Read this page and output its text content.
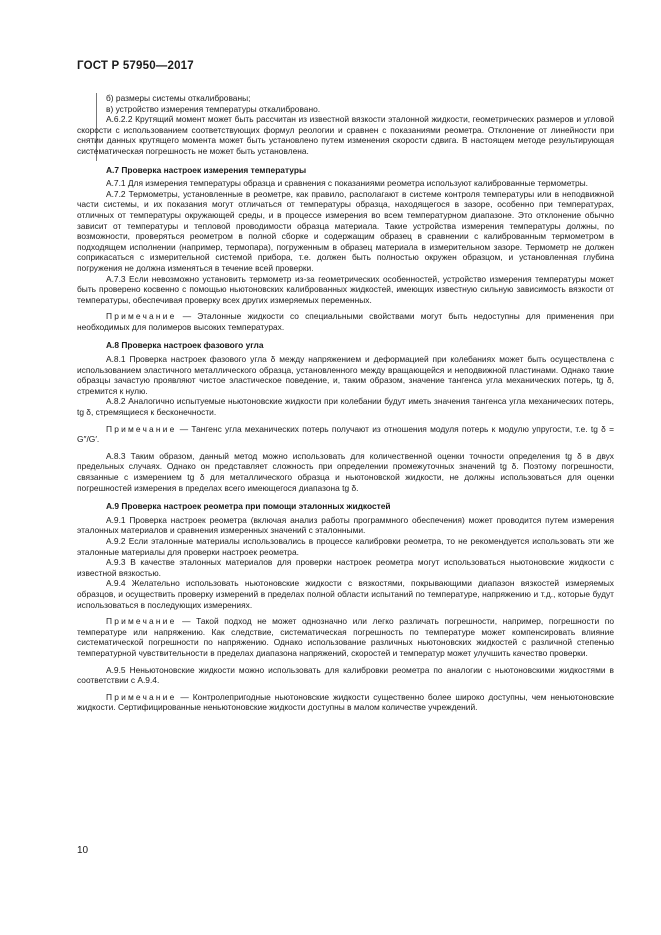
ГОСТ Р 57950—2017

б) размеры системы откалиброваны;

в) устройство измерения температуры откалибровано.

А.6.2.2 Крутящий момент может быть рассчитан из известной вязкости эталонной жидкости, геометрических размеров и угловой скорости с использованием соответствующих формул реологии и сравнен с показаниями реометра. Отклонение от линейности при снятии данных крутящего момента может быть установлено путем изменения скорости сдвига. В настоящем методе результирующая систематическая погрешность не может быть установлена.

А.7 Проверка настроек измерения температуры

А.7.1 Для измерения температуры образца и сравнения с показаниями реометра используют калиброванные термометры.

А.7.2 Термометры, установленные в реометре, как правило, располагают в системе контроля температуры или в неподвижной части системы, и их показания могут отличаться от температуры образца, находящегося в зазоре, особенно при температурах, отличных от температуры окружающей среды, и в процессе измерения во всем температурном диапазоне. Это отклонение обычно зависит от температуры и тепловой проводимости образца материала. Такие устройства измерения температуры должны, по возможности, проверяться реометром в полной сборке и содержащим образец в сравнении с калиброванным термометром в подходящем исполнении (например, термопара), погруженным в образец материала в измерительном зазоре. Термометр не должен соприкасаться с измерительной системой прибора, т.е. должен быть полностью окружен образцом, и установленная глубина погружения не должна изменяться в течение всей проверки.

А.7.3 Если невозможно установить термометр из-за геометрических особенностей, устройство измерения температуры может быть проверено косвенно с помощью ньютоновских калиброванных жидкостей, имеющих известную сильную зависимость вязкости от температуры, обеспечивая проверку всех других измеряемых переменных.

Примечание — Эталонные жидкости со специальными свойствами могут быть недоступны для применения при необходимых для полимеров высоких температурах.

А.8 Проверка настроек фазового угла

А.8.1 Проверка настроек фазового угла δ между напряжением и деформацией при колебаниях может быть осуществлена с использованием эластичного металлического образца, установленного между вращающейся и неподвижной пластинами. Однако такие образцы зачастую проявляют чистое эластическое поведение, и, таким образом, значение тангенса угла механических потерь, tg δ, стремится к нулю.

А.8.2 Аналогично испытуемые ньютоновские жидкости при колебании будут иметь значения тангенса угла механических потерь, tg δ, стремящиеся к бесконечности.

Примечание — Тангенс угла механических потерь получают из отношения модуля потерь к модулю упругости, т.е. tg δ = G″/G′.

А.8.3 Таким образом, данный метод можно использовать для количественной оценки точности определения tg δ в двух предельных случаях. Однако он представляет сложность при определении промежуточных значений tg δ. Поэтому погрешности, связанные с измерением tg δ для металлического образца и ньютоновской жидкости, не должны использоваться для оценки погрешностей измерения в пределах всего имеющегося диапазона tg δ.

А.9 Проверка настроек реометра при помощи эталонных жидкостей

А.9.1 Проверка настроек реометра (включая анализ работы программного обеспечения) может проводится путем измерения эталонных материалов и сравнения измеренных значений с эталонными.

А.9.2 Если эталонные материалы использовались в процессе калибровки реометра, то не рекомендуется использовать эти же эталонные материалы для проверки настроек реометра.

А.9.3 В качестве эталонных материалов для проверки настроек реометра могут использоваться ньютоновские жидкости с известной вязкостью.

А.9.4 Желательно использовать ньютоновские жидкости с вязкостями, покрывающими диапазон вязкостей измеряемых образцов, и осуществить проверку измерений в пределах полной области испытаний по температуре, напряжению и т.д., которые будут использоваться в последующих измерениях.

Примечание — Такой подход не может однозначно или легко различать погрешности, например, погрешности по температуре или напряжению. Как следствие, систематическая погрешность по температуре может компенсировать влияние систематической погрешности по напряжению. Однако использование различных ньютоновских жидкостей с различной степенью температурной чувствительности в пределах диапазона напряжений, скоростей и температур может улучшить качество проверки.

А.9.5 Неньютоновские жидкости можно использовать для калибровки реометра по аналогии с ньютоновскими жидкостями в соответствии с А.9.4.

Примечание — Контролепригодные ньютоновские жидкости существенно более широко доступны, чем неньютоновские жидкости. Сертифицированные неньютоновские жидкости доступны в малом количестве учреждений.

10
